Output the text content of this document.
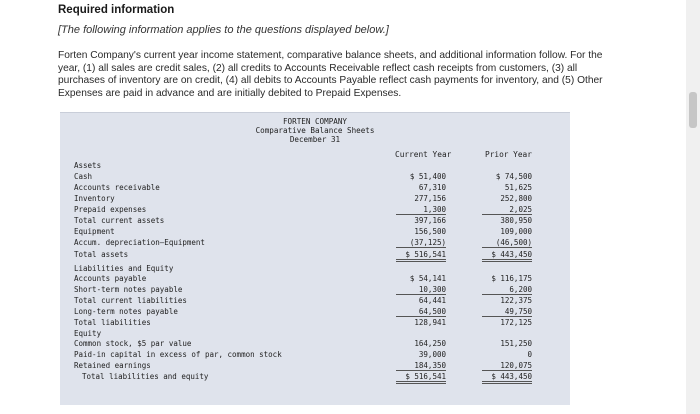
Required information
[The following information applies to the questions displayed below.]
Forten Company's current year income statement, comparative balance sheets, and additional information follow. For the year, (1) all sales are credit sales, (2) all credits to Accounts Receivable reflect cash receipts from customers, (3) all purchases of inventory are on credit, (4) all debits to Accounts Payable reflect cash payments for inventory, and (5) Other Expenses are paid in advance and are initially debited to Prepaid Expenses.
FORTEN COMPANY
Comparative Balance Sheets
December 31
Current Year	Prior Year
Assets
Cash	$ 51,400	$ 74,500
Accounts receivable	67,310	51,625
Inventory	277,156	252,800
Prepaid expenses	1,300	2,025
Total current assets	397,166	380,950
Equipment	156,500	109,000
Accum. depreciation—Equipment	(37,125)	(46,500)
Total assets	$ 516,541	$ 443,450
Liabilities and Equity
Accounts payable	$ 54,141	$ 116,175
Short-term notes payable	10,300	6,200
Total current liabilities	64,441	122,375
Long-term notes payable	64,500	49,750
Total liabilities	128,941	172,125
Equity
Common stock, $5 par value	164,250	151,250
Paid-in capital in excess of par, common stock	39,000	0
Retained earnings	184,350	120,075
Total liabilities and equity	$ 516,541	$ 443,450
